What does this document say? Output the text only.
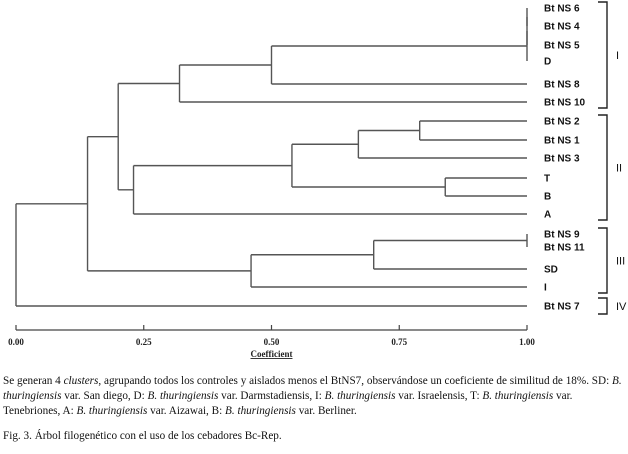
Bt NS 6
Bt NS 4
Bt NS 5
D
Bt NS 8
Bt NS 10
Bt NS 2
Bt NS 1
Bt NS 3
T
B
A
Bt NS 9
Bt NS 11
SD
I
Bt NS 7
I
II
III
IV
Coefficient
0.00	0.25	0.50	0.75	1.00

Se generan 4 clusters, agrupando todos los controles y aislados menos el BtNS7, observándose un coeficiente de similitud de 18%. SD: B. thuringiensis var. San diego, D: B. thuringiensis var. Darmstadiensis, I: B. thuringiensis var. Israelensis, T: B. thuringiensis var. Tenebriones, A: B. thuringiensis var. Aizawai, B: B. thuringiensis var. Berliner.

Fig. 3. Árbol filogenético con el uso de los cebadores Bc-Rep.
